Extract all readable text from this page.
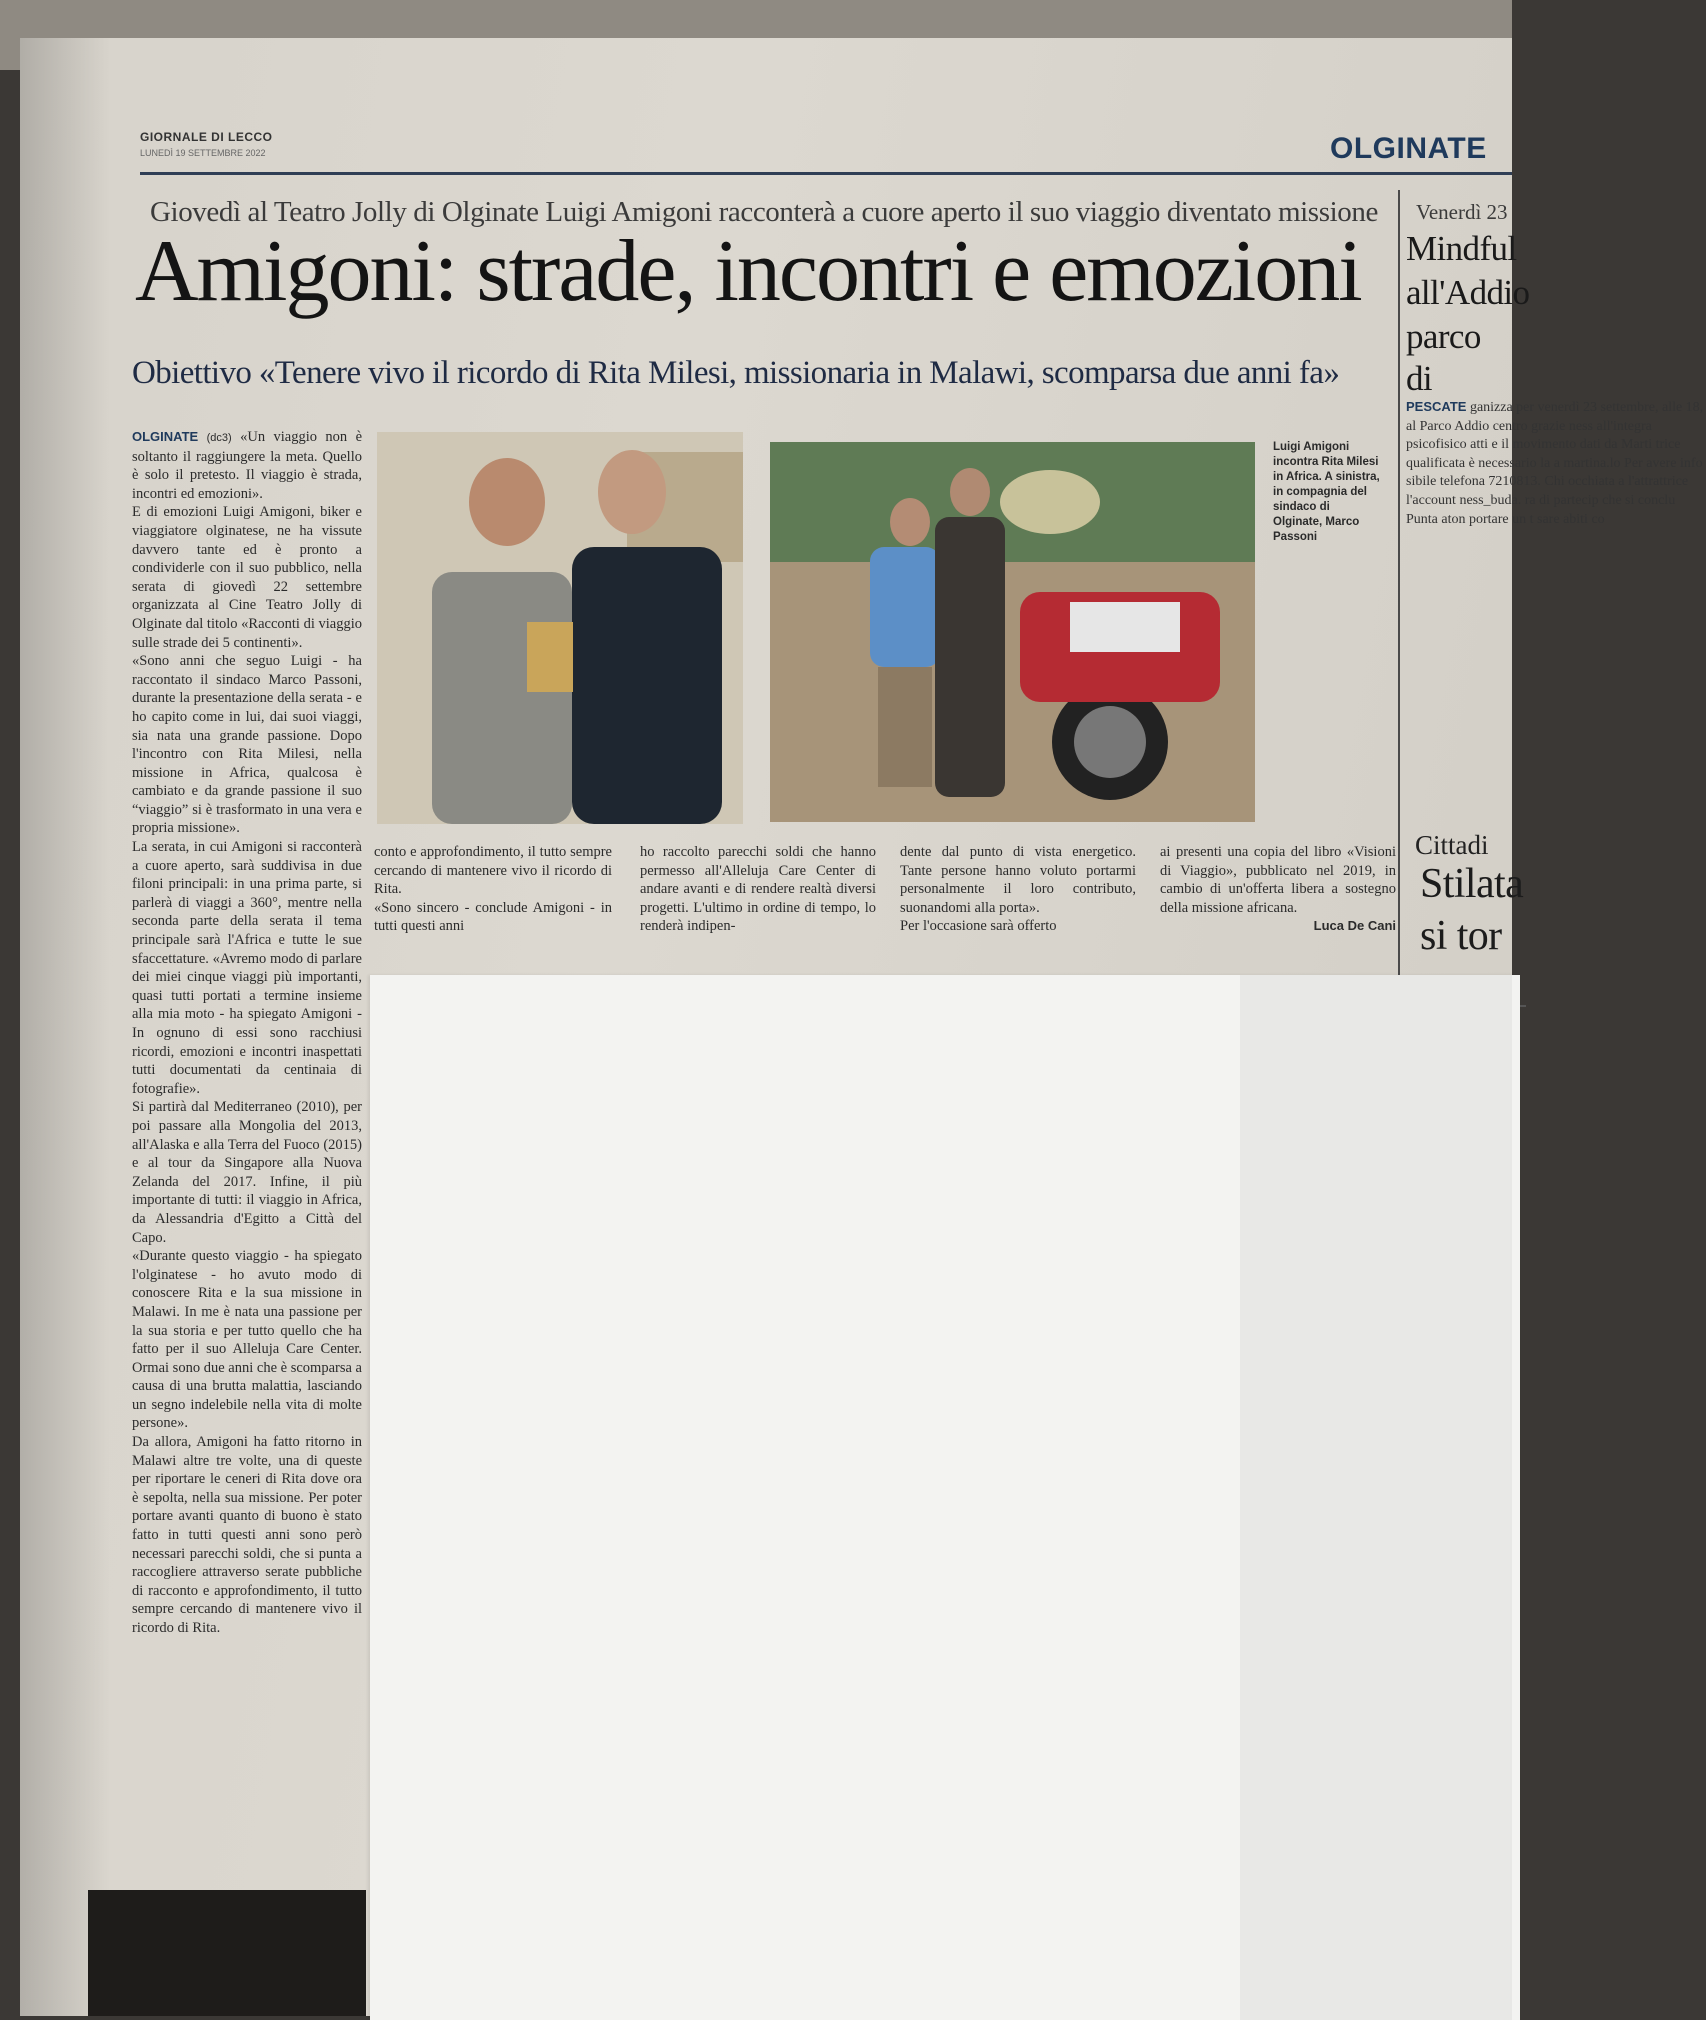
GIORNALE DI LECCO
LUNEDÌ 19 SETTEMBRE 2022	OLGINATE
Giovedì al Teatro Jolly di Olginate Luigi Amigoni racconterà a cuore aperto il suo viaggio diventato missione
Amigoni: strade, incontri e emozioni
Obiettivo «Tenere vivo il ricordo di Rita Milesi, missionaria in Malawi, scomparsa due anni fa»

OLGINATE (dc3) «Un viaggio non è soltanto il raggiungere la meta. Quello è solo il pretesto. Il viaggio è strada, incontri ed emozioni».

E di emozioni Luigi Amigoni, biker e viaggiatore olginatese, ne ha vissute davvero tante ed è pronto a condividerle con il suo pubblico, nella serata di giovedì 22 settembre organizzata al Cine Teatro Jolly di Olginate dal titolo «Racconti di viaggio sulle strade dei 5 continenti».

«Sono anni che seguo Luigi - ha raccontato il sindaco Marco Passoni, durante la presentazione della serata - e ho capito come in lui, dai suoi viaggi, sia nata una grande passione. Dopo l'incontro con Rita Milesi, nella missione in Africa, qualcosa è cambiato e da grande passione il suo “viaggio” si è trasformato in una vera e propria missione».

La serata, in cui Amigoni si racconterà a cuore aperto, sarà suddivisa in due filoni principali: in una prima parte, si parlerà di viaggi a 360°, mentre nella seconda parte della serata il tema principale sarà l'Africa e tutte le sue sfaccettature. «Avremo modo di parlare dei miei cinque viaggi più importanti, quasi tutti portati a termine insieme alla mia moto - ha spiegato Amigoni - In ognuno di essi sono racchiusi ricordi, emozioni e incontri inaspettati tutti documentati da centinaia di fotografie».

Si partirà dal Mediterraneo (2010), per poi passare alla Mongolia del 2013, all'Alaska e alla Terra del Fuoco (2015) e al tour da Singapore alla Nuova Zelanda del 2017. Infine, il più importante di tutti: il viaggio in Africa, da Alessandria d'Egitto a Città del Capo.

«Durante questo viaggio - ha spiegato l'olginatese - ho avuto modo di conoscere Rita e la sua missione in Malawi. In me è nata una passione per la sua storia e per tutto quello che ha fatto per il suo Alleluja Care Center. Ormai sono due anni che è scomparsa a causa di una brutta malattia, lasciando un segno indelebile nella vita di molte persone».

Da allora, Amigoni ha fatto ritorno in Malawi altre tre volte, una di queste per riportare le ceneri di Rita dove ora è sepolta, nella sua missione. Per poter portare avanti quanto di buono è stato fatto in tutti questi anni sono però necessari parecchi soldi, che si punta a raccogliere attraverso serate pubbliche di racconto e approfondimento, il tutto sempre cercando di mantenere vivo il ricordo di Rita.

Luigi Amigoni incontra Rita Milesi in Africa. A sinistra, in compagnia del sindaco di Olginate, Marco Passoni

conto e approfondimento, il tutto sempre cercando di mantenere vivo il ricordo di Rita.

«Sono sincero - conclude Amigoni - in tutti questi anni

ho raccolto parecchi soldi che hanno permesso all'Alleluja Care Center di andare avanti e di rendere realtà diversi progetti. L'ultimo in ordine di tempo, lo renderà indipen-

dente dal punto di vista energetico. Tante persone hanno voluto portarmi personalmente il loro contributo, suonandomi alla porta».

Per l'occasione sarà offerto

ai presenti una copia del libro «Visioni di Viaggio», pubblicato nel 2019, in cambio di un'offerta libera a sostegno della missione africana.

Luca De Cani

Venerdì 23
Mindful
all'Addio
parco di

PESCATE ganizza per venerdì 23 settembre, alle 18, al Parco Addio centro grazie ness all'integra psicofisico atti e il movimento dati da Marti trice qualificata è necessario la a martina.lo Per avere info sibile telefona 7210813. Chi occhiata a l'attrattrice l'account ness_buda. ra di partecip che si conclu Punta aton portare un t sare abiti co

Cittadi
Stilata
si tor
